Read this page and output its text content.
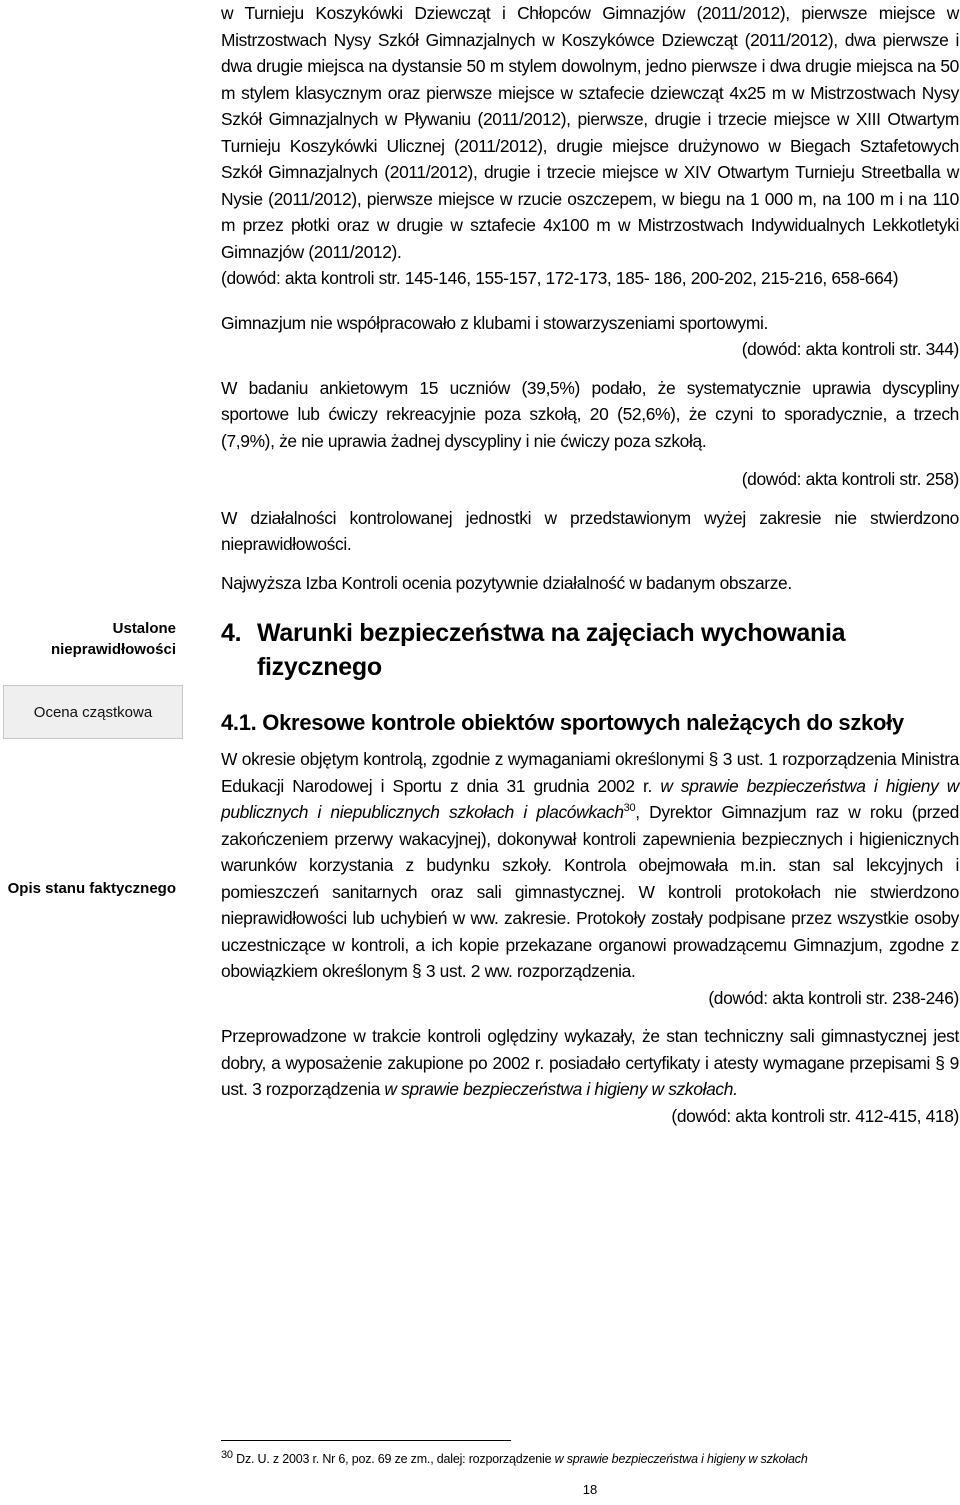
Ustalone nieprawidłowości
Ocena cząstkowa
Opis stanu faktycznego

w Turnieju Koszykówki Dziewcząt i Chłopców Gimnazjów (2011/2012), pierwsze miejsce w Mistrzostwach Nysy Szkół Gimnazjalnych w Koszykówce Dziewcząt (2011/2012), dwa pierwsze i dwa drugie miejsca na dystansie 50 m stylem dowolnym, jedno pierwsze i dwa drugie miejsca na 50 m stylem klasycznym oraz pierwsze miejsce w sztafecie dziewcząt 4x25 m w Mistrzostwach Nysy Szkół Gimnazjalnych w Pływaniu (2011/2012), pierwsze, drugie i trzecie miejsce w XIII Otwartym Turnieju Koszykówki Ulicznej (2011/2012), drugie miejsce drużynowo w Biegach Sztafetowych Szkół Gimnazjalnych (2011/2012), drugie i trzecie miejsce w XIV Otwartym Turnieju Streetballa w Nysie (2011/2012), pierwsze miejsce w rzucie oszczepem, w biegu na 1 000 m, na 100 m i na 110 m przez płotki oraz w drugie w sztafecie 4x100 m w Mistrzostwach Indywidualnych Lekkotletyki Gimnazjów (2011/2012).

(dowód: akta kontroli str. 145-146, 155-157, 172-173, 185- 186, 200-202, 215-216, 658-664)

Gimnazjum nie współpracowało z klubami i stowarzyszeniami sportowymi.

(dowód: akta kontroli str. 344)

W badaniu ankietowym 15 uczniów (39,5%) podało, że systematycznie uprawia dyscypliny sportowe lub ćwiczy rekreacyjnie poza szkołą, 20 (52,6%), że czyni to sporadycznie, a trzech (7,9%), że nie uprawia żadnej dyscypliny i nie ćwiczy poza szkołą.

(dowód: akta kontroli str. 258)

W działalności kontrolowanej jednostki w przedstawionym wyżej zakresie nie stwierdzono nieprawidłowości.

Najwyższa Izba Kontroli ocenia pozytywnie działalność w badanym obszarze.

4. Warunki bezpieczeństwa na zajęciach wychowania
fizycznego

4.1. Okresowe kontrole obiektów sportowych należących do szkoły

W okresie objętym kontrolą, zgodnie z wymaganiami określonymi § 3 ust. 1 rozporządzenia Ministra Edukacji Narodowej i Sportu z dnia 31 grudnia 2002 r. w sprawie bezpieczeństwa i higieny w publicznych i niepublicznych szkołach i placówkach$^{30}$, Dyrektor Gimnazjum raz w roku (przed zakończeniem przerwy wakacyjnej), dokonywał kontroli zapewnienia bezpiecznych i higienicznych warunków korzystania z budynku szkoły. Kontrola obejmowała m.in. stan sal lekcyjnych i pomieszczeń sanitarnych oraz sali gimnastycznej. W kontroli protokołach nie stwierdzono nieprawidłowości lub uchybień w ww. zakresie. Protokoły zostały podpisane przez wszystkie osoby uczestniczące w kontroli, a ich kopie przekazane organowi prowadzącemu Gimnazjum, zgodne z obowiązkiem określonym § 3 ust. 2 ww. rozporządzenia.

(dowód: akta kontroli str. 238-246)

Przeprowadzone w trakcie kontroli oględziny wykazały, że stan techniczny sali gimnastycznej jest dobry, a wyposażenie zakupione po 2002 r. posiadało certyfikaty i atesty wymagane przepisami § 9 ust. 3 rozporządzenia w sprawie bezpieczeństwa i higieny w szkołach.

(dowód: akta kontroli str. 412-415, 418)

$^{30}$ Dz. U. z 2003 r. Nr 6, poz. 69 ze zm., dalej: rozporządzenie w sprawie bezpieczeństwa i higieny w szkołach
18
